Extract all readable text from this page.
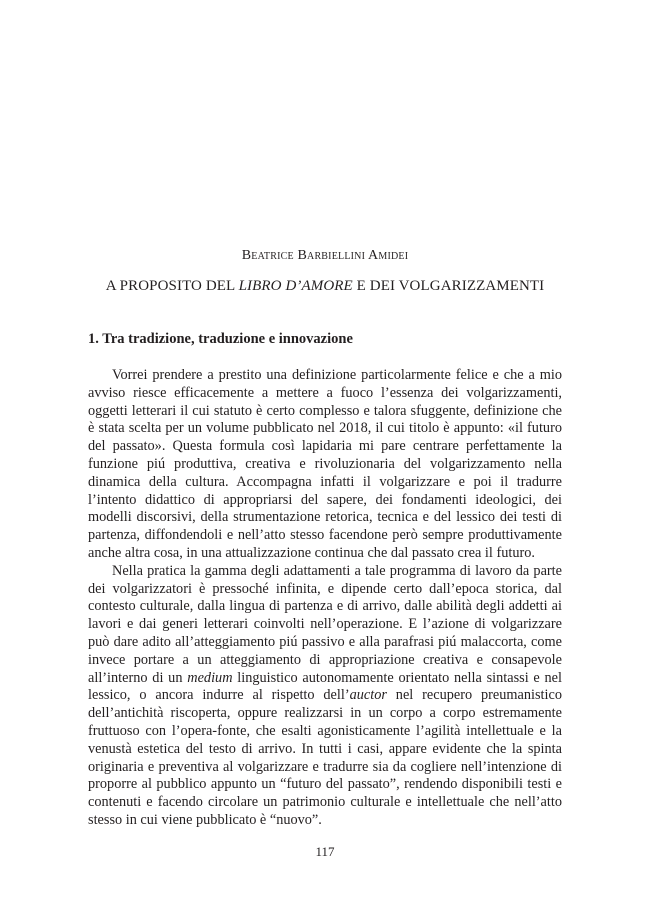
Beatrice Barbiellini Amidei
A PROPOSITO DEL LIBRO D’AMORE E DEI VOLGARIZZAMENTI
1. Tra tradizione, traduzione e innovazione

Vorrei prendere a prestito una definizione particolarmente felice e che a mio avviso riesce efficacemente a mettere a fuoco l’essenza dei volgarizzamenti, oggetti letterari il cui statuto è certo complesso e talora sfuggente, definizione che è stata scelta per un volume pubblicato nel 2018, il cui titolo è appunto: «il futuro del passato». Questa formula così lapidaria mi pare centrare perfettamente la funzione piú produttiva, creativa e rivoluzionaria del volgarizzamento nella dinamica della cultura. Accompagna infatti il volgarizzare e poi il tradurre l’intento didattico di appropriarsi del sapere, dei fondamenti ideologici, dei modelli discorsivi, della strumentazione retorica, tecnica e del lessico dei testi di partenza, diffondendoli e nell’atto stesso facendone però sempre produttivamente anche altra cosa, in una attualizzazione continua che dal passato crea il futuro.

Nella pratica la gamma degli adattamenti a tale programma di lavoro da parte dei volgarizzatori è pressoché infinita, e dipende certo dall’epoca storica, dal contesto culturale, dalla lingua di partenza e di arrivo, dalle abilità degli addetti ai lavori e dai generi letterari coinvolti nell’operazione. E l’azione di volgarizzare può dare adito all’atteggiamento piú passivo e alla parafrasi piú malaccorta, come invece portare a un atteggiamento di appropriazione creativa e consapevole all’interno di un medium linguistico autonomamente orientato nella sintassi e nel lessico, o ancora indurre al rispetto dell’auctor nel recupero preumanistico dell’antichità riscoperta, oppure realizzarsi in un corpo a corpo estremamente fruttuoso con l’opera-fonte, che esalti agonisticamente l’agilità intellettuale e la venustà estetica del testo di arrivo. In tutti i casi, appare evidente che la spinta originaria e preventiva al volgarizzare e tradurre sia da cogliere nell’intenzione di proporre al pubblico appunto un “futuro del passato”, rendendo disponibili testi e contenuti e facendo circolare un patrimonio culturale e intellettuale che nell’atto stesso in cui viene pubblicato è “nuovo”.

117
